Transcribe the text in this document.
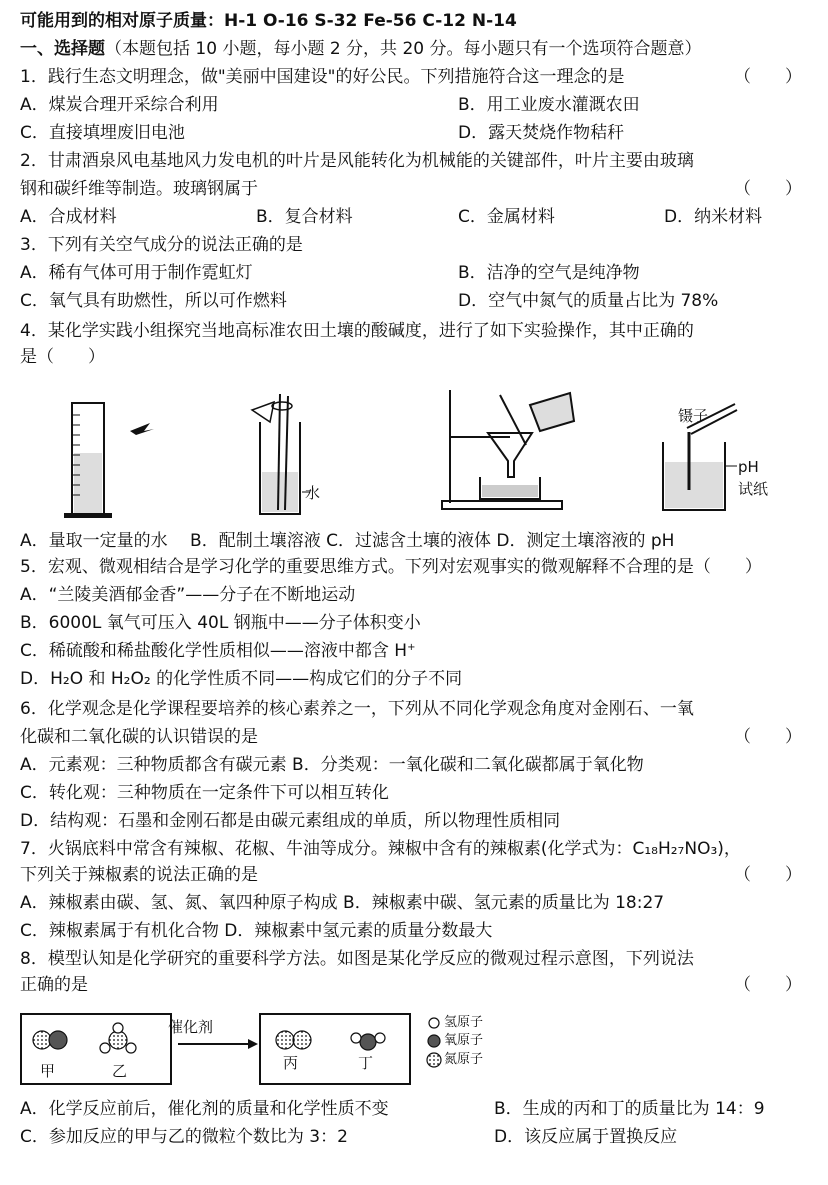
可能用到的相对原子质量：H-1 O-16 S-32 Fe-56 C-12 N-14
一、选择题（本题包括 10 小题，每小题 2 分，共 20 分。每小题只有一个选项符合题意）
1．践行生态文明理念，做"美丽中国建设"的好公民。下列措施符合这一理念的是	（　　）
A．煤炭合理开采综合利用	B．用工业废水灌溉农田
C．直接填埋废旧电池	D．露天焚烧作物秸秆
2．甘肃酒泉风电基地风力发电机的叶片是风能转化为机械能的关键部件，叶片主要由玻璃
钢和碳纤维等制造。玻璃钢属于	（　　）
A．合成材料	B．复合材料	C．金属材料	D．纳米材料
3．下列有关空气成分的说法正确的是
A．稀有气体可用于制作霓虹灯	B．洁净的空气是纯净物
C．氧气具有助燃性，所以可作燃料	D．空气中氮气的质量占比为 78%
4．某化学实践小组探究当地高标准农田土壤的酸碱度，进行了如下实验操作，其中正确的
是（　　）
水
镊子
pH
试纸
A．量取一定量的水　 B．配制土壤溶液 C．过滤含土壤的液体 D．测定土壤溶液的 pH
5．宏观、微观相结合是学习化学的重要思维方式。下列对宏观事实的微观解释不合理的是（　　）
A．“兰陵美酒郁金香”——分子在不断地运动
B．6000L 氧气可压入 40L 钢瓶中——分子体积变小
C．稀硫酸和稀盐酸化学性质相似——溶液中都含 H+
D．H₂O 和 H₂O₂ 的化学性质不同——构成它们的分子不同
6．化学观念是化学课程要培养的核心素养之一，下列从不同化学观念角度对金刚石、一氧
化碳和二氧化碳的认识错误的是	（　　）
A．元素观：三种物质都含有碳元素 B．分类观：一氧化碳和二氧化碳都属于氧化物
C．转化观：三种物质在一定条件下可以相互转化
D．结构观：石墨和金刚石都是由碳元素组成的单质，所以物理性质相同
7．火锅底料中常含有辣椒、花椒、牛油等成分。辣椒中含有的辣椒素(化学式为：C₁₈H₂₇NO₃)，
下列关于辣椒素的说法正确的是	（　　）
A．辣椒素由碳、氢、氮、氧四种原子构成 B．辣椒素中碳、氢元素的质量比为 18:27
C．辣椒素属于有机化合物 D．辣椒素中氢元素的质量分数最大
8．模型认知是化学研究的重要科学方法。如图是某化学反应的微观过程示意图，下列说法
正确的是	（　　）
催化剂
甲	乙	丙	丁
氢原子
氧原子
氮原子
A．化学反应前后，催化剂的质量和化学性质不变	B．生成的丙和丁的质量比为 14：9
C．参加反应的甲与乙的微粒个数比为 3：2	D．该反应属于置换反应
